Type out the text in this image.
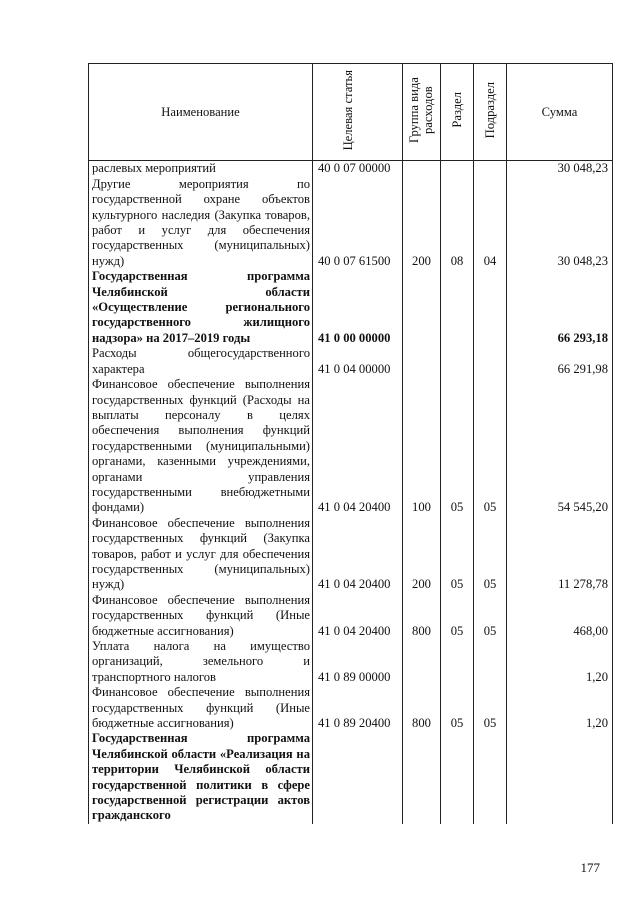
Наименование	Целевая статья	Группа вида расходов	Раздел	Подраздел	Сумма
раслевых мероприятий	40 0 07 00000				30 048,23
Другие мероприятия по государственной охране объектов культурного наследия (Закупка товаров, работ и услуг для обеспечения государственных (муниципальных) нужд)	40 0 07 61500	200	08	04	30 048,23
Государственная программа Челябинской области «Осуществление регионального государственного жилищного надзора» на 2017–2019 годы	41 0 00 00000				66 293,18
Расходы общегосударственного характера	41 0 04 00000				66 291,98
Финансовое обеспечение выполнения государственных функций (Расходы на выплаты персоналу в целях обеспечения выполнения функций государственными (муниципальными) органами, казенными учреждениями, органами управления государственными внебюджетными фондами)	41 0 04 20400	100	05	05	54 545,20
Финансовое обеспечение выполнения государственных функций (Закупка товаров, работ и услуг для обеспечения государственных (муниципальных) нужд)	41 0 04 20400	200	05	05	11 278,78
Финансовое обеспечение выполнения государственных функций (Иные бюджетные ассигнования)	41 0 04 20400	800	05	05	468,00
Уплата налога на имущество организаций, земельного и транспортного налогов	41 0 89 00000				1,20
Финансовое обеспечение выполнения государственных функций (Иные бюджетные ассигнования)	41 0 89 20400	800	05	05	1,20
Государственная программа Челябинской области «Реализация на территории Челябинской области государственной политики в сфере государственной регистрации актов гражданского					
177
